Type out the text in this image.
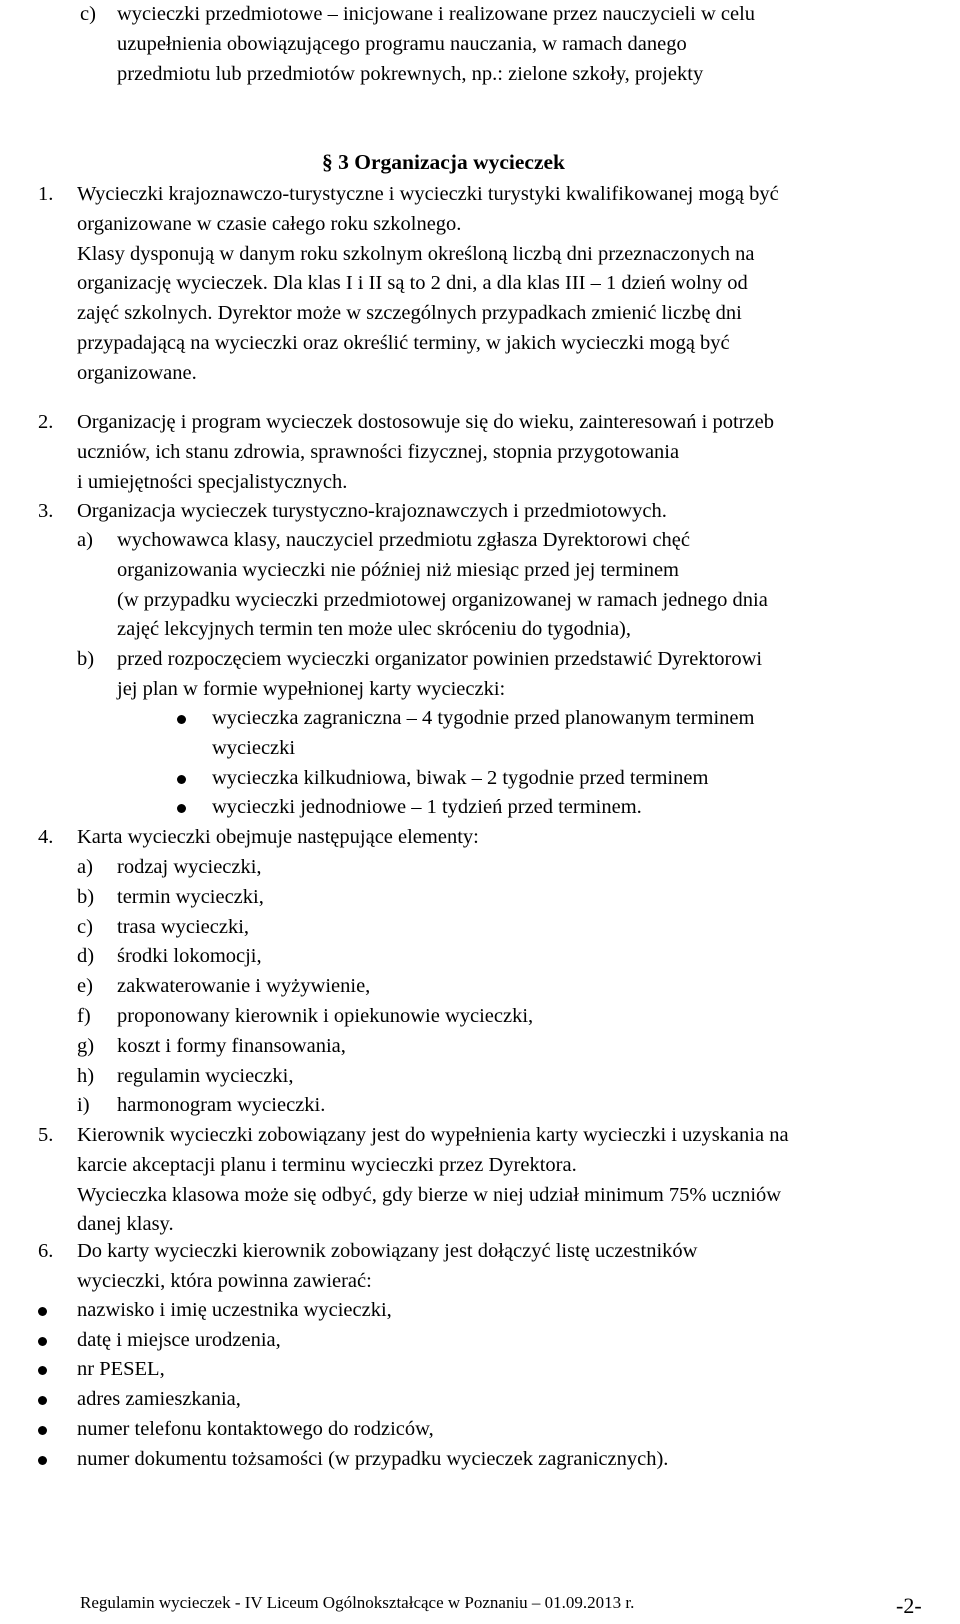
c) wycieczki przedmiotowe – inicjowane i realizowane przez nauczycieli w celu
uzupełnienia obowiązującego programu nauczania, w ramach danego
przedmiotu lub przedmiotów pokrewnych, np.: zielone szkoły, projekty
§ 3 Organizacja wycieczek
1. Wycieczki krajoznawczo-turystyczne i wycieczki turystyki kwalifikowanej mogą być
organizowane w czasie całego roku szkolnego.
Klasy dysponują w danym roku szkolnym określoną liczbą dni przeznaczonych na
organizację wycieczek. Dla klas I i II są to 2 dni, a dla klas III – 1 dzień wolny od
zajęć szkolnych. Dyrektor może w szczególnych przypadkach zmienić liczbę dni
przypadającą na wycieczki oraz określić terminy, w jakich wycieczki mogą być
organizowane.
2. Organizację i program wycieczek dostosowuje się do wieku, zainteresowań i potrzeb
uczniów, ich stanu zdrowia, sprawności fizycznej, stopnia przygotowania
i umiejętności specjalistycznych.
3. Organizacja wycieczek turystyczno-krajoznawczych i przedmiotowych.
a) wychowawca klasy, nauczyciel przedmiotu zgłasza Dyrektorowi chęć
organizowania wycieczki nie później niż miesiąc przed jej terminem
(w przypadku wycieczki przedmiotowej organizowanej w ramach jednego dnia
zajęć lekcyjnych termin ten może ulec skróceniu do tygodnia),
b) przed rozpoczęciem wycieczki organizator powinien przedstawić Dyrektorowi
jej plan w formie wypełnionej karty wycieczki:
wycieczka zagraniczna – 4 tygodnie przed planowanym terminem
wycieczki
wycieczka kilkudniowa, biwak – 2 tygodnie przed terminem
wycieczki jednodniowe – 1 tydzień przed terminem.
4. Karta wycieczki obejmuje następujące elementy:
a)	rodzaj wycieczki,
b)	termin wycieczki,
c)	trasa wycieczki,
d)	środki lokomocji,
e)	zakwaterowanie i wyżywienie,
f)	proponowany kierownik i opiekunowie wycieczki,
g)	koszt i formy finansowania,
h)	regulamin wycieczki,
i)	harmonogram wycieczki.
5. Kierownik wycieczki zobowiązany jest do wypełnienia karty wycieczki i uzyskania na
karcie akceptacji planu i terminu wycieczki przez Dyrektora.
Wycieczka klasowa może się odbyć, gdy bierze w niej udział minimum 75% uczniów
danej klasy.
6. Do karty wycieczki kierownik zobowiązany jest dołączyć listę uczestników
wycieczki, która powinna zawierać:
nazwisko i imię uczestnika wycieczki,
datę i miejsce urodzenia,
nr PESEL,
adres zamieszkania,
numer telefonu kontaktowego do rodziców,
numer dokumentu tożsamości (w przypadku wycieczek zagranicznych).
Regulamin wycieczek - IV Liceum Ogólnokształcące w Poznaniu – 01.09.2013 r.	-2-
